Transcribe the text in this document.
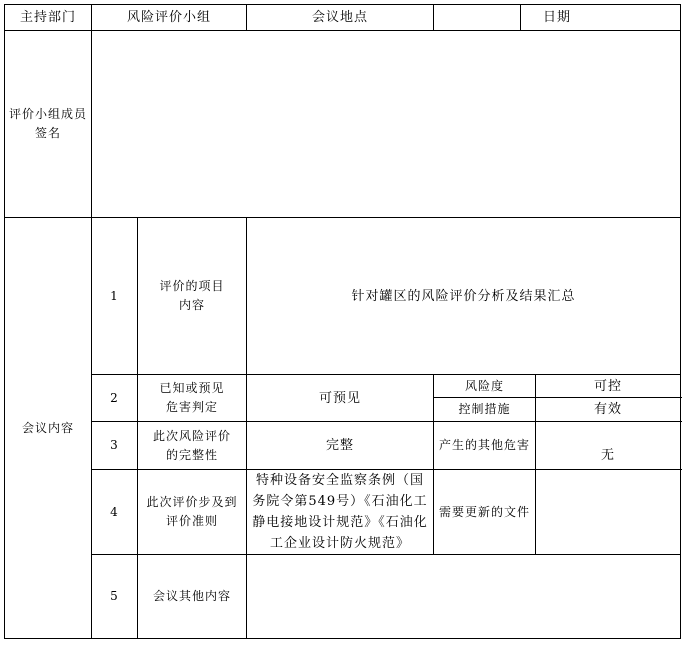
主持部门	风险评价小组		会议地点		日期	
评价小组成员签名						
会议内容	1	评价的项目内容	针对罐区的风险评价分析及结果汇总			
	2	已知或预见危害判定	可预见	风险度		可控
				控制措施		有效
	3	此次风险评价的完整性	完整	产生的其他危害		无
	4	此次评价步及到评价准则	特种设备安全监察条例（国务院令第549号）《石油化工静电接地设计规范》《石油化工企业设计防火规范》	需要更新的文件		
	5	会议其他内容				
